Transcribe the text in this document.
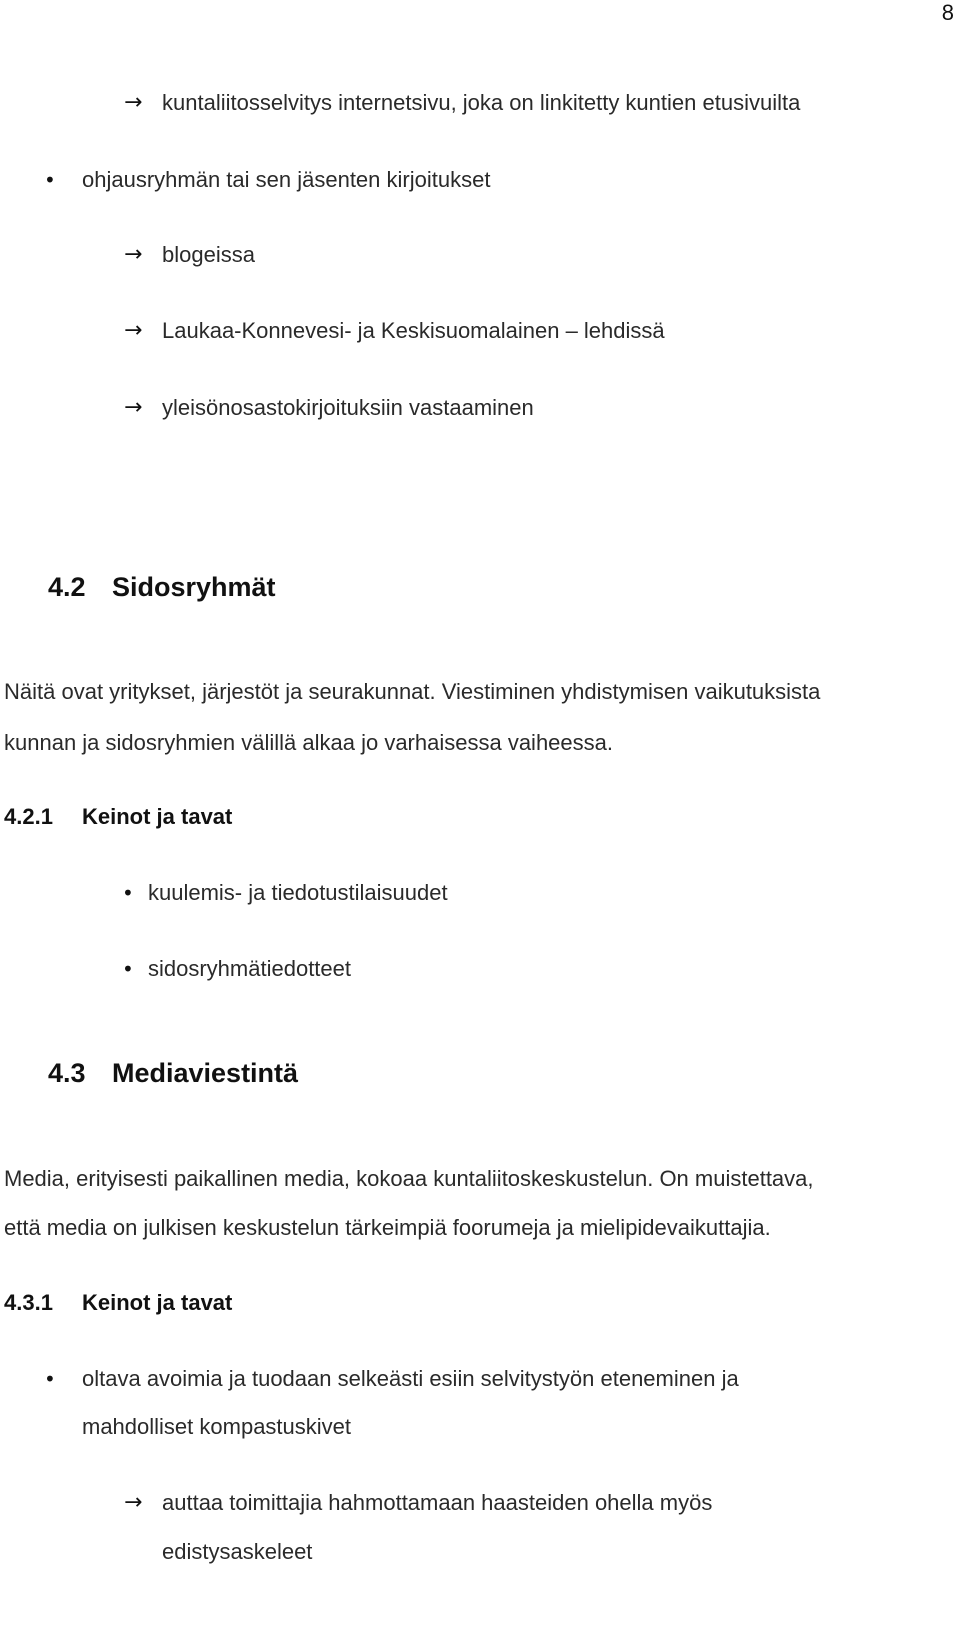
8
→ kuntaliitosselvitys internetsivu, joka on linkitetty kuntien etusivuilta

• ohjausryhmän tai sen jäsenten kirjoitukset

→ blogeissa

→ Laukaa-Konnevesi- ja Keskisuomalainen – lehdissä

→ yleisönosastokirjoituksiin vastaaminen

4.2 Sidosryhmät

Näitä ovat yritykset, järjestöt ja seurakunnat. Viestiminen yhdistymisen vaikutuksista

kunnan ja sidosryhmien välillä alkaa jo varhaisessa vaiheessa.

4.2.1 Keinot ja tavat
• kuulemis- ja tiedotustilaisuudet

• sidosryhmätiedotteet

4.3 Mediaviestintä

Media, erityisesti paikallinen media, kokoaa kuntaliitoskeskustelun. On muistettava,

että media on julkisen keskustelun tärkeimpiä foorumeja ja mielipidevaikuttajia.

4.3.1 Keinot ja tavat
• oltava avoimia ja tuodaan selkeästi esiin selvitystyön eteneminen ja

mahdolliset kompastuskivet

→ auttaa toimittajia hahmottamaan haasteiden ohella myös

edistysaskeleet
